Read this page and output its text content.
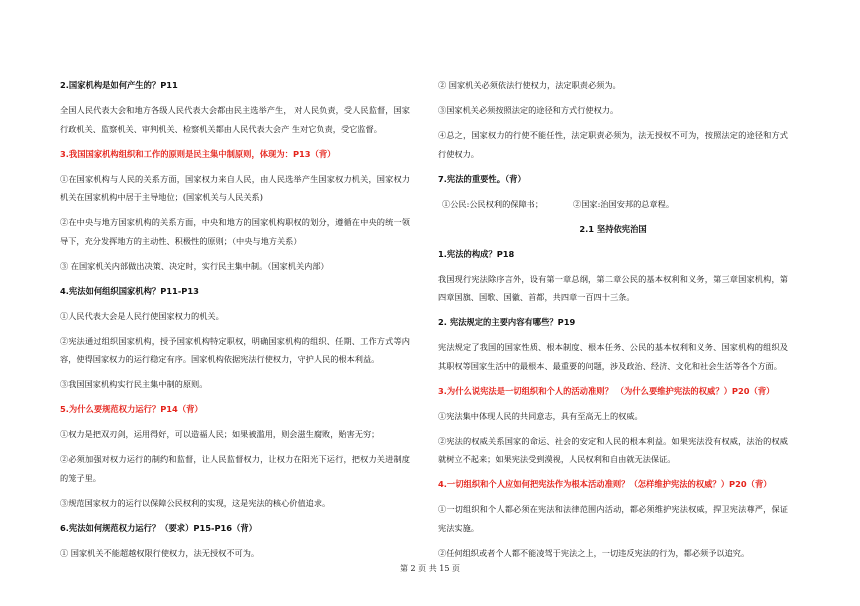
2.国家机构是如何产生的？P11

全国人民代表大会和地方各级人民代表大会都由民主选举产生， 对人民负责，受人民监督，国家行政机关、监察机关、审判机关、检察机关都由人民代表大会产 生对它负责，受它监督。

3.我国国家机构组织和工作的原则是民主集中制原则，体现为：P13（背）

①在国家机构与人民的关系方面，国家权力来自人民，由人民选举产生国家权力机关，国家权力机关在国家机构中居于主导地位；(国家机关与人民关系)

②在中央与地方国家机构的关系方面，中央和地方的国家机构职权的划分，遵循在中央的统一领导下，充分发挥地方的主动性、积极性的原则；（中央与地方关系）

③ 在国家机关内部做出决策、决定时，实行民主集中制。（国家机关内部）

4.宪法如何组织国家机构？P11-P13

①人民代表大会是人民行使国家权力的机关。

②宪法通过组织国家机构，授予国家机构特定职权，明确国家机构的组织、任期、工作方式等内容，使得国家权力的运行稳定有序。国家机构依据宪法行使权力，守护人民的根本利益。

③我国国家机构实行民主集中制的原则。

5.为什么要规范权力运行？P14（背）

①权力是把双刃剑，运用得好，可以造福人民；如果被滥用，则会滋生腐败，贻害无穷；

②必须加强对权力运行的制约和监督，让人民监督权力，让权力在阳光下运行，把权力关进制度的笼子里。

③规范国家权力的运行以保障公民权利的实现，这是宪法的核心价值追求。

6.宪法如何规范权力运行？（要求）P15-P16（背）

① 国家机关不能超越权限行使权力，法无授权不可为。

② 国家机关必须依法行使权力，法定职责必须为。

③国家机关必须按照法定的途径和方式行使权力。

④总之，国家权力的行使不能任性，法定职责必须为，法无授权不可为，按照法定的途径和方式行使权力。

7.宪法的重要性。（背）

①公民:公民权利的保障书；	②国家:治国安邦的总章程。

2.1 坚持依宪治国

1.宪法的构成？P18

我国现行宪法除序言外，设有第一章总纲，第二章公民的基本权利和义务，第三章国家机构，第四章国旗、国歌、国徽、首都，共四章一百四十三条。

2. 宪法规定的主要内容有哪些？P19

宪法规定了我国的国家性质、根本制度、根本任务、公民的基本权利和义务、国家机构的组织及其职权等国家生活中的最根本、最重要的问题，涉及政治、经济、文化和社会生活等各个方面。

3.为什么说宪法是一切组织和个人的活动准则？ （为什么要维护宪法的权威？）P20（背）

①宪法集中体现人民的共同意志，具有至高无上的权威。

②宪法的权威关系国家的命运、社会的安定和人民的根本利益。如果宪法没有权威，法治的权威就树立不起来；如果宪法受到漠视，人民权利和自由就无法保证。

4.一切组织和个人应如何把宪法作为根本活动准则？（怎样维护宪法的权威？）P20（背）

①一切组织和个人都必须在宪法和法律范围内活动，都必须维护宪法权威，捍卫宪法尊严，保证宪法实施。

②任何组织或者个人都不能凌驾于宪法之上，一切违反宪法的行为，都必须予以追究。

第 2 页 共 15 页
